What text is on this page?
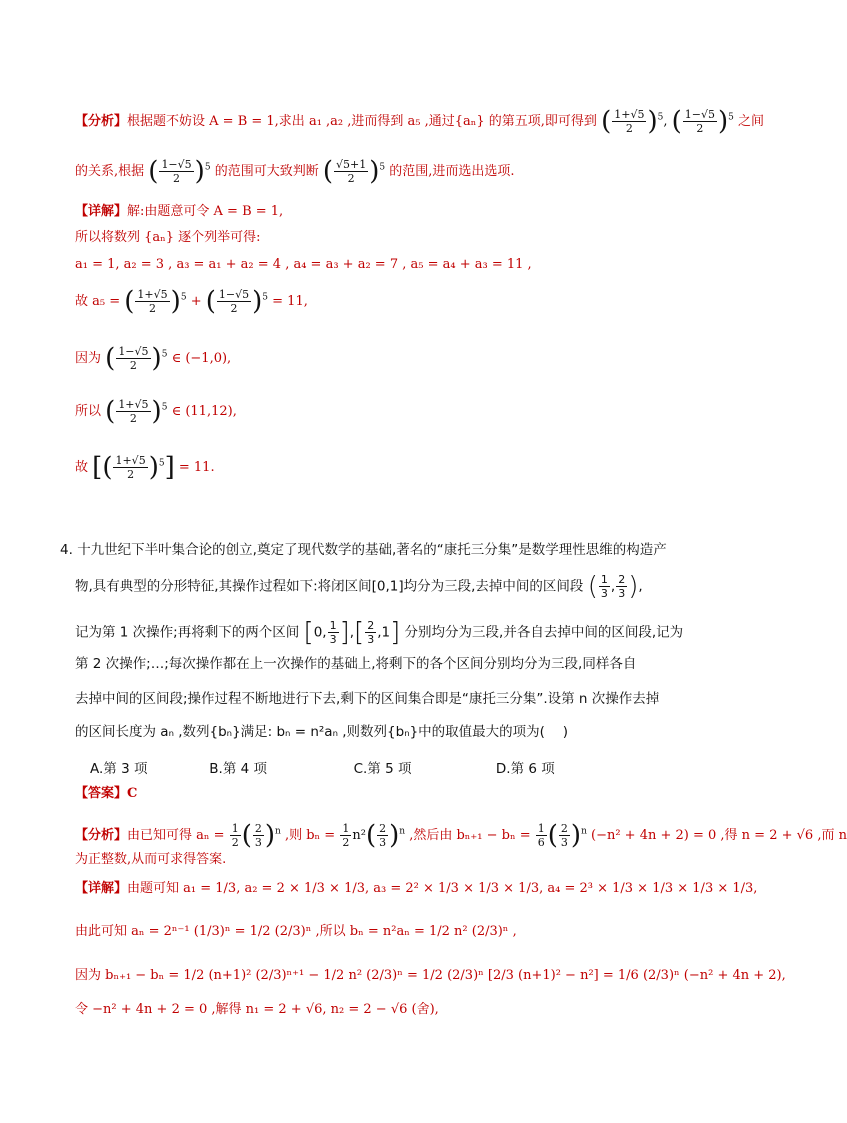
【分析】根据题不妨设 A = B = 1,求出 a₁ ,a₂ ,进而得到 a₅ ,通过{aₙ} 的第五项,即可得到 ( $\frac{1+√5}{2} )^5$, ( $\frac{1-√5}{2} )^5$ 之间
的关系,根据 ( $\frac{1-√5}{2} )^5$ 的范围可大致判断 ( $\frac{√5+1}{2} )^5$ 的范围,进而选出选项.
【详解】解:由题意可令 A = B = 1,
所以将数列 {aₙ} 逐个列举可得:
a₁ = 1, a₂ = 3 , a₃ = a₁ + a₂ = 4 , a₄ = a₃ + a₂ = 7 , a₅ = a₄ + a₃ = 11 ,
故 a₅ = ( $\frac{1+√5}{2} )^5$ + ( $\frac{1-√5}{2} )^5 = 11$,
因为 ( $\frac{1-√5}{2} )^5$ ∈ (−1,0),
所以 ( $\frac{1+√5}{2} )^5$ ∈ (11,12),
故 [( $\frac{1+√5}{2} )^5] = 11$.
4. 十九世纪下半叶集合论的创立,奠定了现代数学的基础,著名的“康托三分集”是数学理性思维的构造产
物,具有典型的分形特征,其操作过程如下:将闭区间[0,1]均分为三段,去掉中间的区间段 ( $\frac{1}{3}$ , $\frac{2}{3}$ ),
记为第 1 次操作;再将剩下的两个区间 [0, $\frac{1}{3}$ ],[ $\frac{2}{3} ,1$] 分别均分为三段,并各自去掉中间的区间段,记为
第 2 次操作;…;每次操作都在上一次操作的基础上,将剩下的各个区间分别均分为三段,同样各自
去掉中间的区间段;操作过程不断地进行下去,剩下的区间集合即是“康托三分集”.设第 n 次操作去掉
的区间长度为 aₙ ,数列{bₙ}满足: bₙ = n²aₙ ,则数列{bₙ}中的取值最大的项为(　 )
A.第 3 项	B.第 4 项	C.第 5 项	D.第 6 项
【答案】C
【分析】由已知可得 $a_n = \frac{1}{2}$ ( $\frac{2}{3} )^n$ ,则 $b_n = \frac{1}{2} n^2( \frac{2}{3} )^n$ ,然后由 $b_{n+1} - b_n = \frac{1}{6}$ ( $\frac{2}{3} )^n$ (−n² + 4n + 2) = 0 ,得 n = 2 + √6 ,而 n
为正整数,从而可求得答案.
【详解】由题可知 a₁ = 1/3, a₂ = 2 × 1/3 × 1/3, a₃ = 2² × 1/3 × 1/3 × 1/3, a₄ = 2³ × 1/3 × 1/3 × 1/3 × 1/3,
由此可知 aₙ = 2ⁿ⁻¹ (1/3)ⁿ = 1/2 (2/3)ⁿ ,所以 bₙ = n²aₙ = 1/2 n² (2/3)ⁿ ,
因为 bₙ₊₁ − bₙ = 1/2 (n+1)² (2/3)ⁿ⁺¹ − 1/2 n² (2/3)ⁿ = 1/2 (2/3)ⁿ [2/3 (n+1)² − n²] = 1/6 (2/3)ⁿ (−n² + 4n + 2),
令 −n² + 4n + 2 = 0 ,解得 n₁ = 2 + √6, n₂ = 2 − √6 (舍),
